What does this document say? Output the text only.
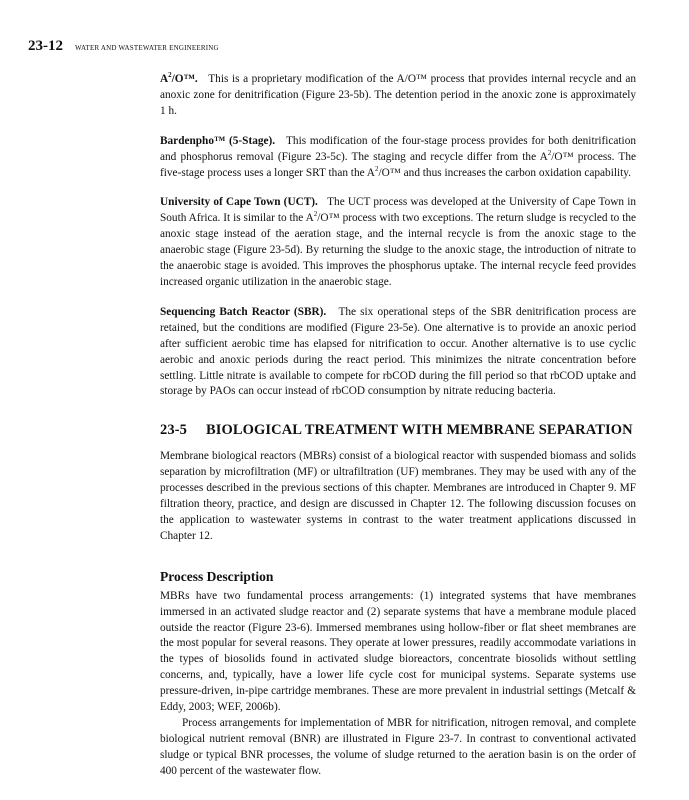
23-12 WATER AND WASTEWATER ENGINEERING

$A^2/O™$. This is a proprietary modification of the A/O™ process that provides internal recycle and an anoxic zone for denitrification (Figure 23-5b). The detention period in the anoxic zone is approximately 1 h.

Bardenpho™ (5-Stage). This modification of the four-stage process provides for both denitrification and phosphorus removal (Figure 23-5c). The staging and recycle differ from the $A^2/O™$ process. The five-stage process uses a longer SRT than the $A^2/O™$ and thus increases the carbon oxidation capability.

University of Cape Town (UCT). The UCT process was developed at the University of Cape Town in South Africa. It is similar to the $A^2/O™$ process with two exceptions. The return sludge is recycled to the anoxic stage instead of the aeration stage, and the internal recycle is from the anoxic stage to the anaerobic stage (Figure 23-5d). By returning the sludge to the anoxic stage, the introduction of nitrate to the anaerobic stage is avoided. This improves the phosphorus uptake. The internal recycle feed provides increased organic utilization in the anaerobic stage.

Sequencing Batch Reactor (SBR). The six operational steps of the SBR denitrification process are retained, but the conditions are modified (Figure 23-5e). One alternative is to provide an anoxic period after sufficient aerobic time has elapsed for nitrification to occur. Another alternative is to use cyclic aerobic and anoxic periods during the react period. This minimizes the nitrate concentration before settling. Little nitrate is available to compete for rbCOD during the fill period so that rbCOD uptake and storage by PAOs can occur instead of rbCOD consumption by nitrate reducing bacteria.

23-5 BIOLOGICAL TREATMENT WITH MEMBRANE SEPARATION

Membrane biological reactors (MBRs) consist of a biological reactor with suspended biomass and solids separation by microfiltration (MF) or ultrafiltration (UF) membranes. They may be used with any of the processes described in the previous sections of this chapter. Membranes are introduced in Chapter 9. MF filtration theory, practice, and design are discussed in Chapter 12. The following discussion focuses on the application to wastewater systems in contrast to the water treatment applications discussed in Chapter 12.

Process Description

MBRs have two fundamental process arrangements: (1) integrated systems that have membranes immersed in an activated sludge reactor and (2) separate systems that have a membrane module placed outside the reactor (Figure 23-6). Immersed membranes using hollow-fiber or flat sheet membranes are the most popular for several reasons. They operate at lower pressures, readily accommodate variations in the types of biosolids found in activated sludge bioreactors, concentrate biosolids without settling concerns, and, typically, have a lower life cycle cost for municipal systems. Separate systems use pressure-driven, in-pipe cartridge membranes. These are more prevalent in industrial settings (Metcalf & Eddy, 2003; WEF, 2006b).

Process arrangements for implementation of MBR for nitrification, nitrogen removal, and complete biological nutrient removal (BNR) are illustrated in Figure 23-7. In contrast to conventional activated sludge or typical BNR processes, the volume of sludge returned to the aeration basin is on the order of 400 percent of the wastewater flow.
